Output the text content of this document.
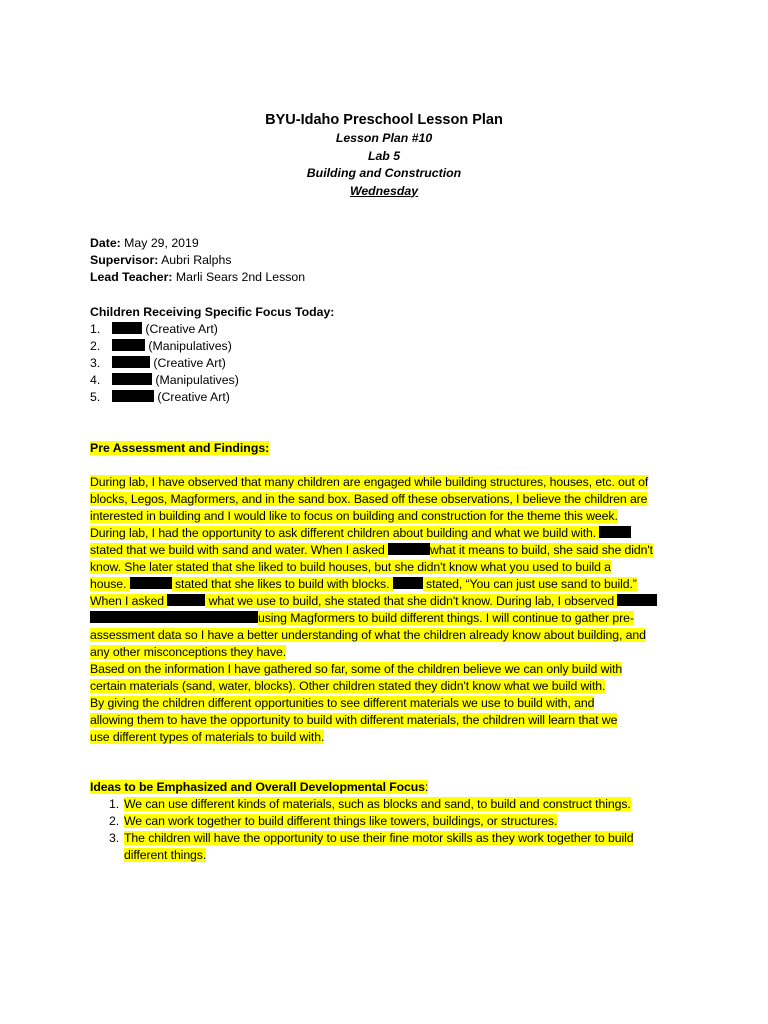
BYU-Idaho Preschool Lesson Plan
Lesson Plan #10
Lab 5
Building and Construction
Wednesday
Date: May 29, 2019
Supervisor: Aubri Ralphs
Lead Teacher: Marli Sears 2nd Lesson
Children Receiving Specific Focus Today:
1.	(Creative Art)
2.	(Manipulatives)
3.	(Creative Art)
4.	(Manipulatives)
5.	(Creative Art)
Pre Assessment and Findings:
During lab, I have observed that many children are engaged while building structures, houses, etc. out of
blocks, Legos, Magformers, and in the sand box. Based off these observations, I believe the children are
interested in building and I would like to focus on building and construction for the theme this week.
During lab, I had the opportunity to ask different children about building and what we build with.
stated that we build with sand and water. When I asked	what it means to build, she said she didn't
know. She later stated that she liked to build houses, but she didn't know what you used to build a
house.	stated that she likes to build with blocks.  stated, “You can just use sand to build.”
When I asked	what we use to build, she stated that she didn't know. During lab, I observed
using Magformers to build different things. I will continue to gather pre-
assessment data so I have a better understanding of what the children already know about building, and
any other misconceptions they have.
Based on the information I have gathered so far, some of the children believe we can only build with
certain materials (sand, water, blocks). Other children stated they didn't know what we build with.
By giving the children different opportunities to see different materials we use to build with, and
allowing them to have the opportunity to build with different materials, the children will learn that we
use different types of materials to build with.
Ideas to be Emphasized and Overall Developmental Focus:
1. We can use different kinds of materials, such as blocks and sand, to build and construct things.
2. We can work together to build different things like towers, buildings, or structures.
3. The children will have the opportunity to use their fine motor skills as they work together to build
different things.
